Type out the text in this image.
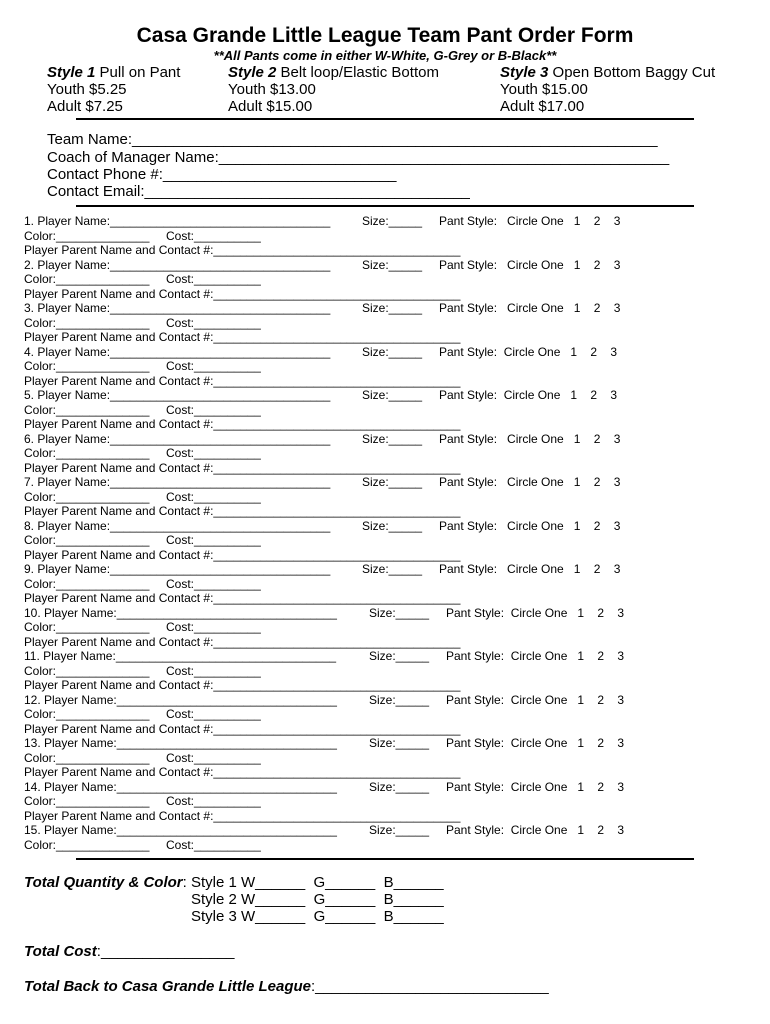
Casa Grande Little League Team Pant Order Form
**All Pants come in either W-White, G-Grey or B-Black**
Style 1 Pull on Pant
Youth $5.25
Adult $7.25
Style 2 Belt loop/Elastic Bottom
Youth $13.00
Adult $15.00
Style 3 Open Bottom Baggy Cut
Youth $15.00
Adult $17.00
Team Name:_______________________________________________________________
Coach of Manager Name:______________________________________________________
Contact Phone #:____________________________
Contact Email:_______________________________________
1. Player Name:_________________________________	Size:_____ Pant Style:   Circle One   1    2    3
Color:______________ Cost:__________
Player Parent Name and Contact #:_____________________________________
2. Player Name:_________________________________	Size:_____ Pant Style:   Circle One   1    2    3
Color:______________ Cost:__________
Player Parent Name and Contact #:_____________________________________
3. Player Name:_________________________________	Size:_____ Pant Style:   Circle One   1    2    3
Color:______________ Cost:__________
Player Parent Name and Contact #:_____________________________________
4. Player Name:_________________________________	Size:_____ Pant Style:  Circle One   1    2    3
Color:______________ Cost:__________
Player Parent Name and Contact #:_____________________________________
5. Player Name:_________________________________	Size:_____ Pant Style:  Circle One   1    2    3
Color:______________ Cost:__________
Player Parent Name and Contact #:_____________________________________
6. Player Name:_________________________________	Size:_____ Pant Style:   Circle One   1    2    3
Color:______________ Cost:__________
Player Parent Name and Contact #:_____________________________________
7. Player Name:_________________________________	Size:_____ Pant Style:   Circle One   1    2    3
Color:______________ Cost:__________
Player Parent Name and Contact #:_____________________________________
8. Player Name:_________________________________	Size:_____ Pant Style:   Circle One   1    2    3
Color:______________ Cost:__________
Player Parent Name and Contact #:_____________________________________
9. Player Name:_________________________________	Size:_____ Pant Style:   Circle One   1    2    3
Color:______________ Cost:__________
Player Parent Name and Contact #:_____________________________________
10. Player Name:_________________________________	Size:_____ Pant Style:  Circle One   1    2    3
Color:______________ Cost:__________
Player Parent Name and Contact #:_____________________________________
11. Player Name:_________________________________	Size:_____ Pant Style:  Circle One   1    2    3
Color:______________ Cost:__________
Player Parent Name and Contact #:_____________________________________
12. Player Name:_________________________________	Size:_____ Pant Style:  Circle One   1    2    3
Color:______________ Cost:__________
Player Parent Name and Contact #:_____________________________________
13. Player Name:_________________________________	Size:_____ Pant Style:  Circle One   1    2    3
Color:______________ Cost:__________
Player Parent Name and Contact #:_____________________________________
14. Player Name:_________________________________	Size:_____ Pant Style:  Circle One   1    2    3
Color:______________ Cost:__________
Player Parent Name and Contact #:_____________________________________
15. Player Name:_________________________________	Size:_____ Pant Style:  Circle One   1    2    3
Color:______________ Cost:__________
Total Quantity & Color: Style 1 W______  G______  B______
Style 2 W______  G______  B______
Style 3 W______  G______  B______
Total Cost:________________
Total Back to Casa Grande Little League:____________________________
